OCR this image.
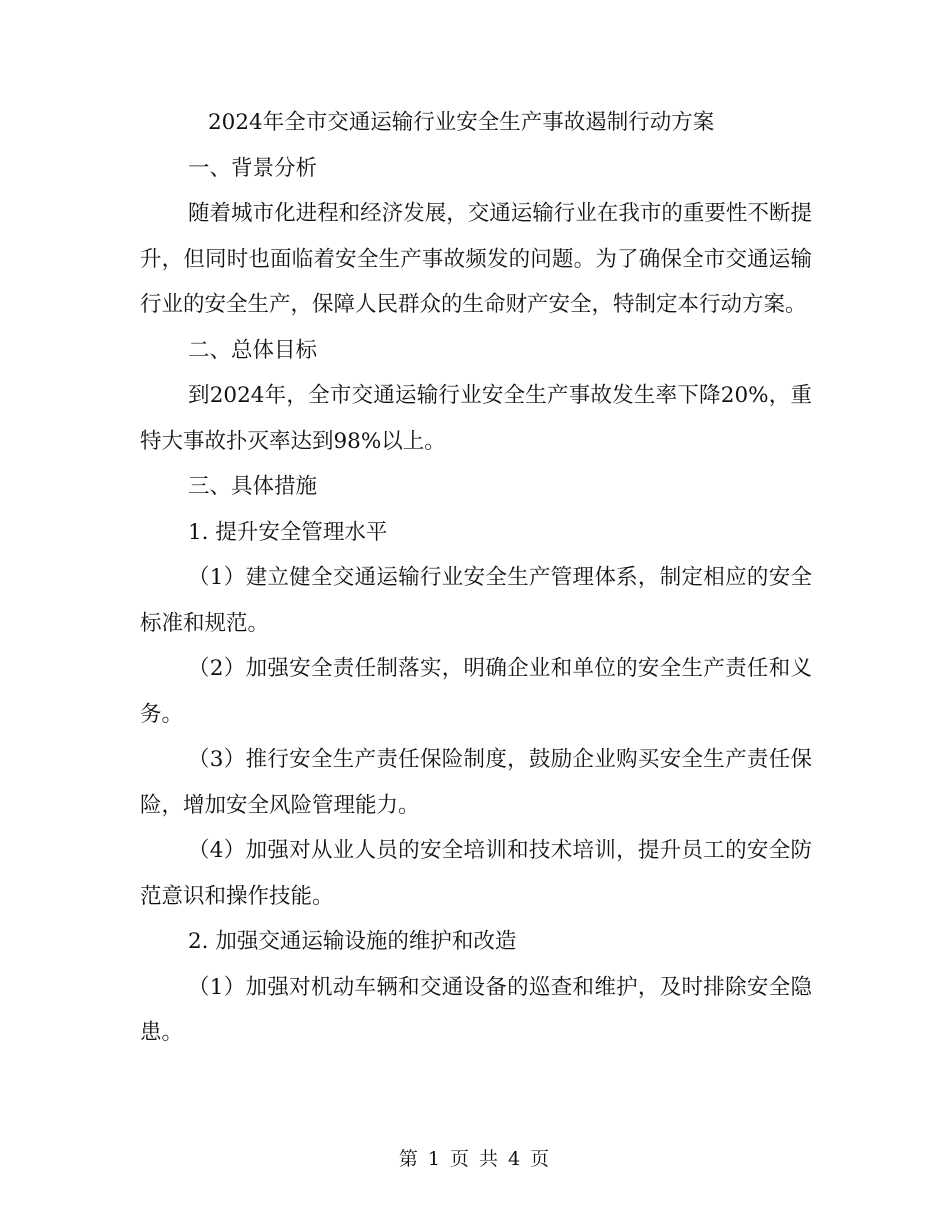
2024年全市交通运输行业安全生产事故遏制行动方案

一、背景分析

随着城市化进程和经济发展，交通运输行业在我市的重要性不断提升，但同时也面临着安全生产事故频发的问题。为了确保全市交通运输行业的安全生产，保障人民群众的生命财产安全，特制定本行动方案。

二、总体目标

到2024年，全市交通运输行业安全生产事故发生率下降20%，重特大事故扑灭率达到98%以上。

三、具体措施

1. 提升安全管理水平

（1）建立健全交通运输行业安全生产管理体系，制定相应的安全标准和规范。

（2）加强安全责任制落实，明确企业和单位的安全生产责任和义务。

（3）推行安全生产责任保险制度，鼓励企业购买安全生产责任保险，增加安全风险管理能力。

（4）加强对从业人员的安全培训和技术培训，提升员工的安全防范意识和操作技能。

2. 加强交通运输设施的维护和改造

（1）加强对机动车辆和交通设备的巡查和维护，及时排除安全隐患。

第 1 页 共 4 页
